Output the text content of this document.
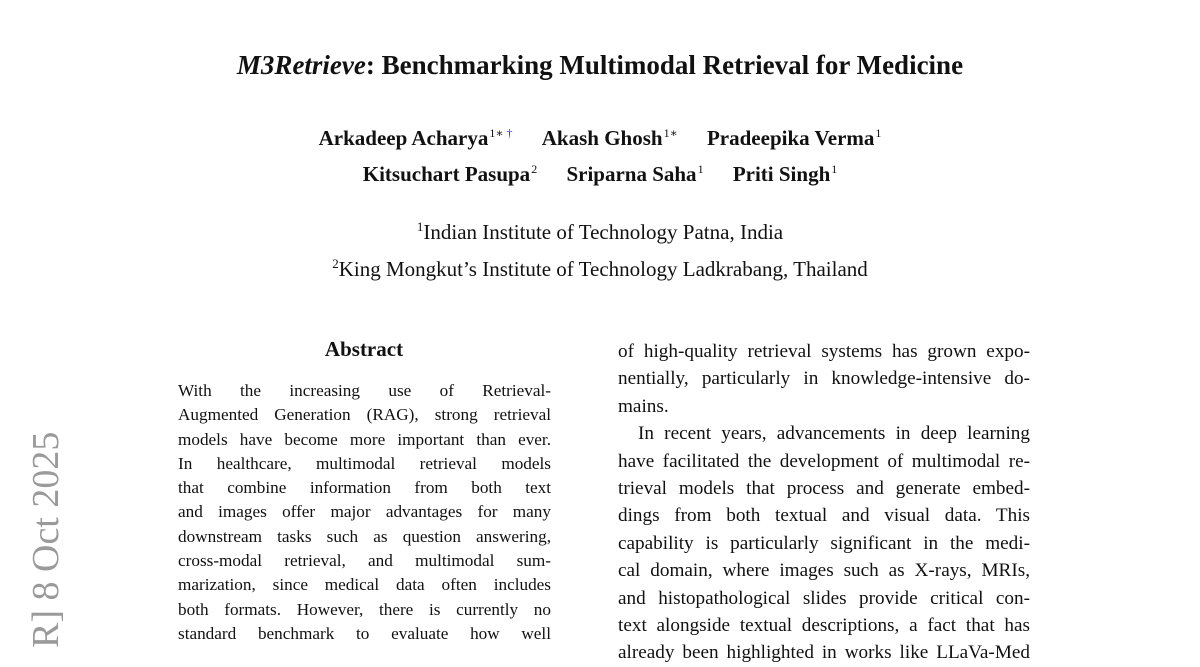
M3Retrieve: Benchmarking Multimodal Retrieval for Medicine
Arkadeep Acharya$^{1∗ \dagger}$ Akash Ghosh$^{1∗}$ Pradeepika Verma$^1$
Kitsuchart Pasupa$^2$ Sriparna Saha$^1$ Priti Singh$^1$
$^1$Indian Institute of Technology Patna, India
$^2$King Mongkut’s Institute of Technology Ladkrabang, Thailand
Abstract
With the increasing use of Retrieval-
Augmented Generation (RAG), strong retrieval
models have become more important than ever.
In healthcare, multimodal retrieval models
that combine information from both text
and images offer major advantages for many
downstream tasks such as question answering,
cross-modal retrieval, and multimodal sum-
marization, since medical data often includes
both formats. However, there is currently no
standard benchmark to evaluate how well
of high-quality retrieval systems has grown expo-
nentially, particularly in knowledge-intensive do-
mains.
In recent years, advancements in deep learning
have facilitated the development of multimodal re-
trieval models that process and generate embed-
dings from both textual and visual data. This
capability is particularly significant in the medi-
cal domain, where images such as X-rays, MRIs,
and histopathological slides provide critical con-
text alongside textual descriptions, a fact that has
already been highlighted in works like LLaVa-Med
R] 8 Oct 2025
